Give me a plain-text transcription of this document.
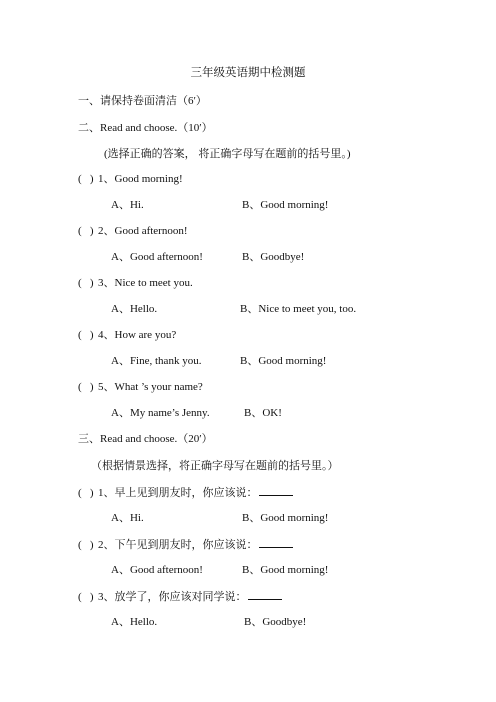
三年级英语期中检测题
一、请保持卷面清洁（6′）
二、Read and choose.（10′）
(选择正确的答案， 将正确字母写在题前的括号里。)
(   ) 1、Good morning!
A、Hi.	B、Good morning!
(   ) 2、Good afternoon!
A、Good afternoon!	B、Goodbye!
(   ) 3、Nice to meet you.
A、Hello.	B、Nice to meet you, too.
(   ) 4、How are you?
A、Fine, thank you.	B、Good morning!
(   ) 5、What ’s your name?
A、My name’s Jenny.	B、OK!
三、Read and choose.（20′）
（根据情景选择，将正确字母写在题前的括号里。）
(   ) 1、早上见到朋友时，你应该说：
A、Hi.	B、Good morning!
(   ) 2、下午见到朋友时，你应该说：
A、Good afternoon!	B、Good morning!
(   ) 3、放学了，你应该对同学说：
A、Hello.	B、Goodbye!
